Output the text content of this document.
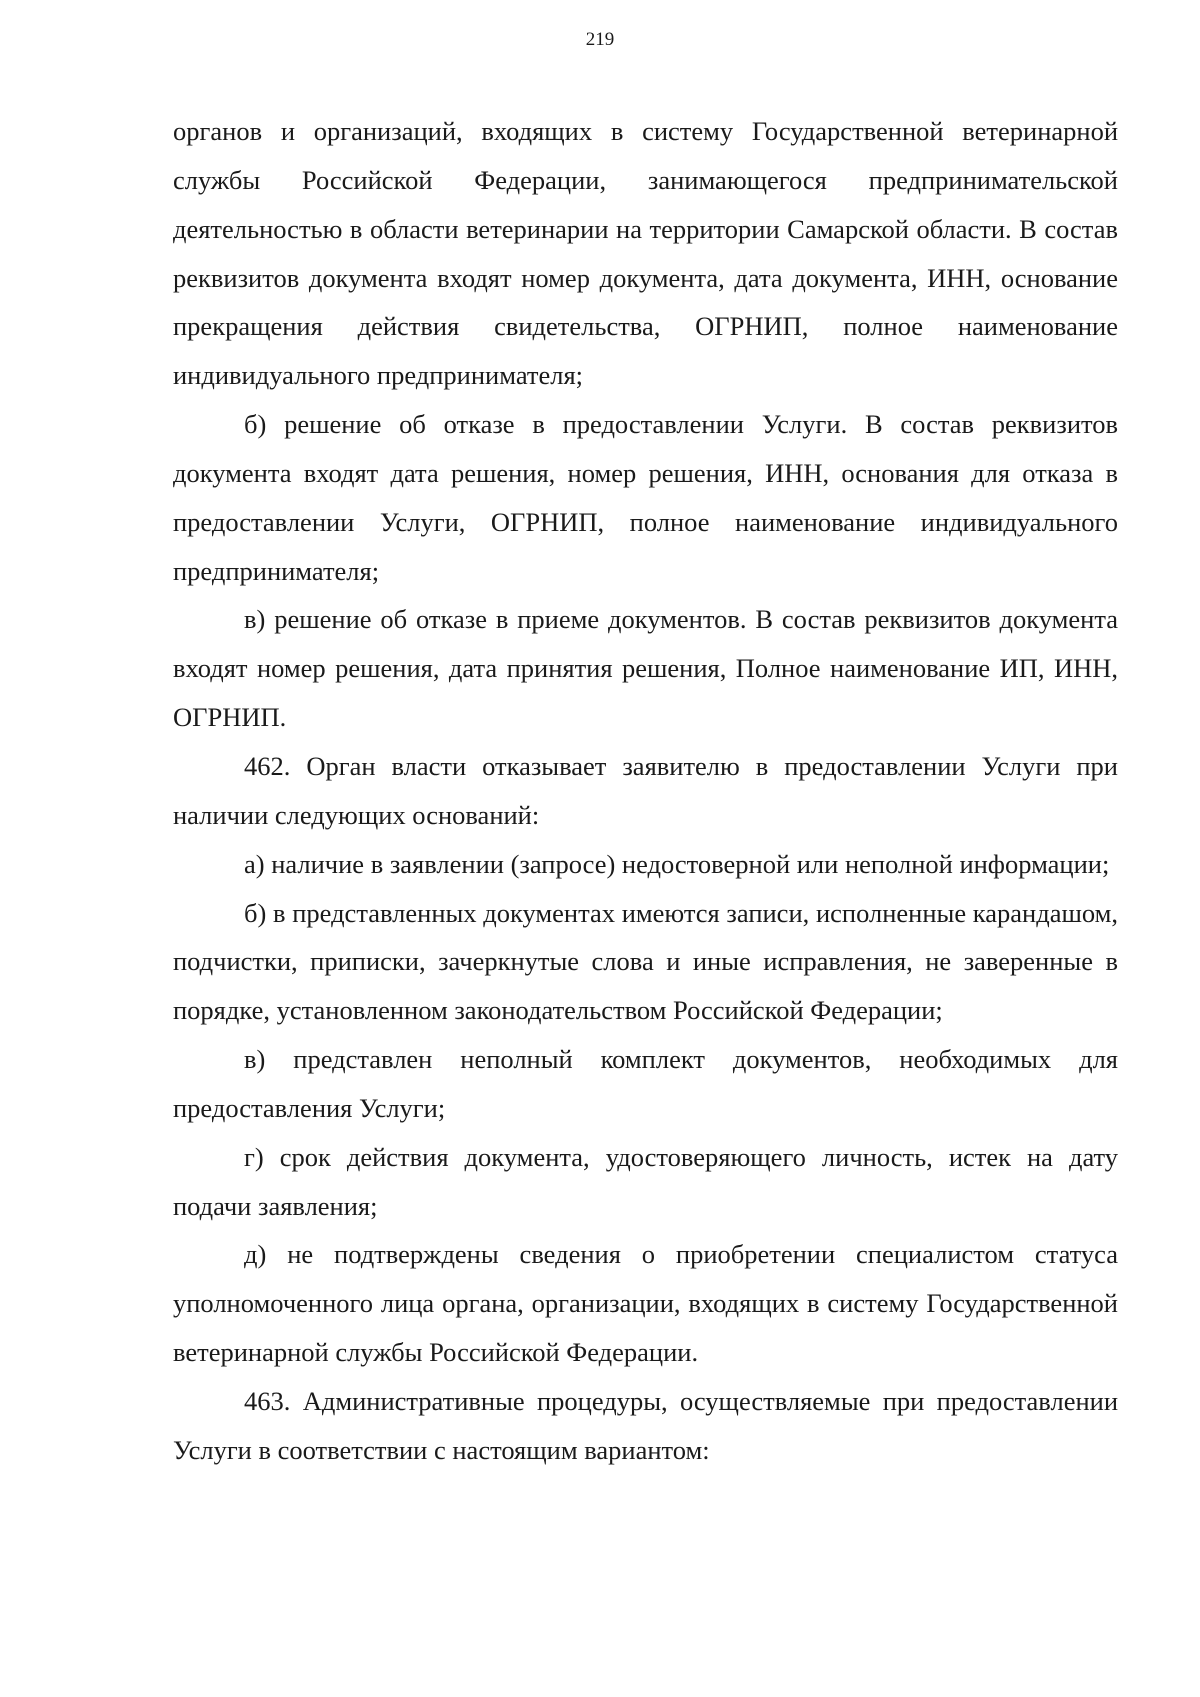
219

органов и организаций, входящих в систему Государственной ветеринарной службы Российской Федерации, занимающегося предпринимательской деятельностью в области ветеринарии на территории Самарской области. В состав реквизитов документа входят номер документа, дата документа, ИНН, основание прекращения действия свидетельства, ОГРНИП, полное наименование индивидуального предпринимателя;

б) решение об отказе в предоставлении Услуги. В состав реквизитов документа входят дата решения, номер решения, ИНН, основания для отказа в предоставлении Услуги, ОГРНИП, полное наименование индивидуального предпринимателя;

в) решение об отказе в приеме документов. В состав реквизитов документа входят номер решения, дата принятия решения, Полное наименование ИП, ИНН, ОГРНИП.

462. Орган власти отказывает заявителю в предоставлении Услуги при наличии следующих оснований:

а) наличие в заявлении (запросе) недостоверной или неполной информации;

б) в представленных документах имеются записи, исполненные карандашом, подчистки, приписки, зачеркнутые слова и иные исправления, не заверенные в порядке, установленном законодательством Российской Федерации;

в) представлен неполный комплект документов, необходимых для предоставления Услуги;

г) срок действия документа, удостоверяющего личность, истек на дату подачи заявления;

д) не подтверждены сведения о приобретении специалистом статуса уполномоченного лица органа, организации, входящих в систему Государственной ветеринарной службы Российской Федерации.

463. Административные процедуры, осуществляемые при предоставлении Услуги в соответствии с настоящим вариантом:
